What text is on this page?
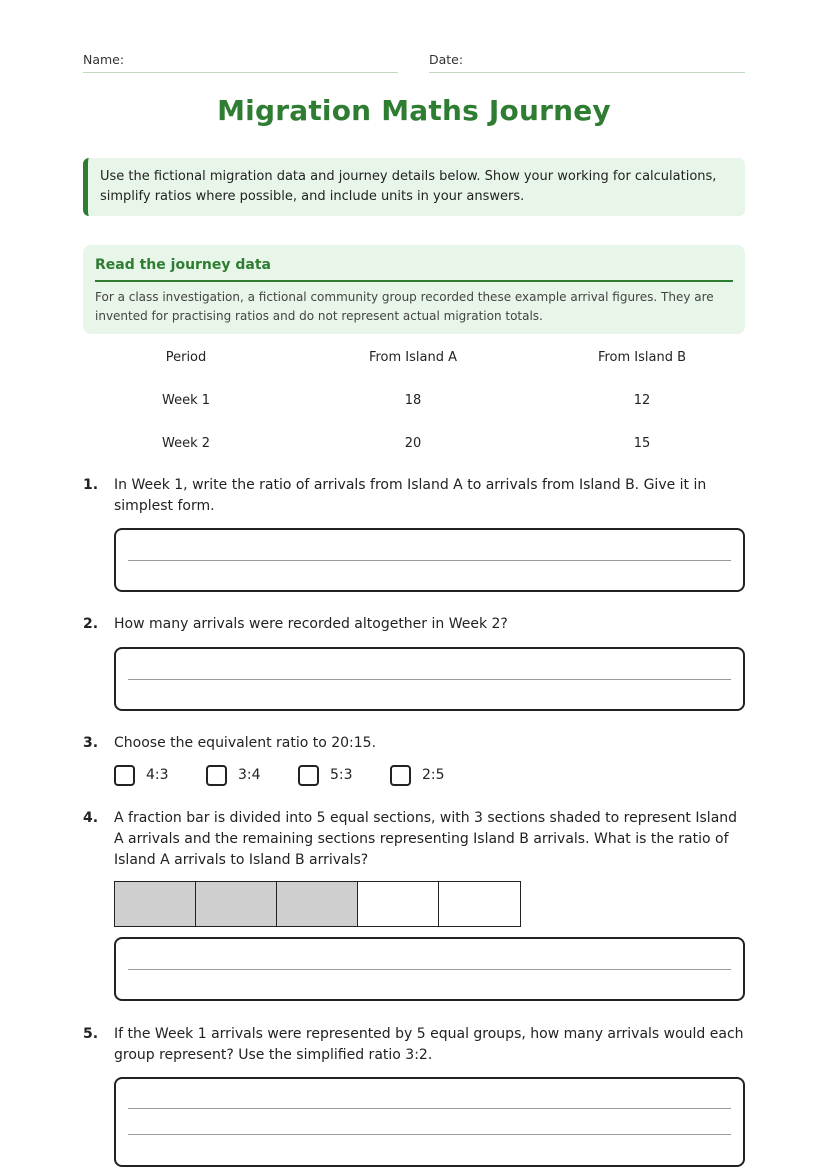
Name:	Date:
Migration Maths Journey

Use the fictional migration data and journey details below. Show your working for calculations, simplify ratios where possible, and include units in your answers.

Read the journey data

For a class investigation, a fictional community group recorded these example arrival figures. They are invented for practising ratios and do not represent actual migration totals.

Period	From Island A	From Island B
Week 1	18	12
Week 2	20	15
1. In Week 1, write the ratio of arrivals from Island A to arrivals from Island B. Give it in simplest form.

2. How many arrivals were recorded altogether in Week 2?

3. Choose the equivalent ratio to 20:15.

4:3	3:4	5:3	2:5
4. A fraction bar is divided into 5 equal sections, with 3 sections shaded to represent Island A arrivals and the remaining sections representing Island B arrivals. What is the ratio of Island A arrivals to Island B arrivals?

5. If the Week 1 arrivals were represented by 5 equal groups, how many arrivals would each group represent? Use the simplified ratio 3:2.
